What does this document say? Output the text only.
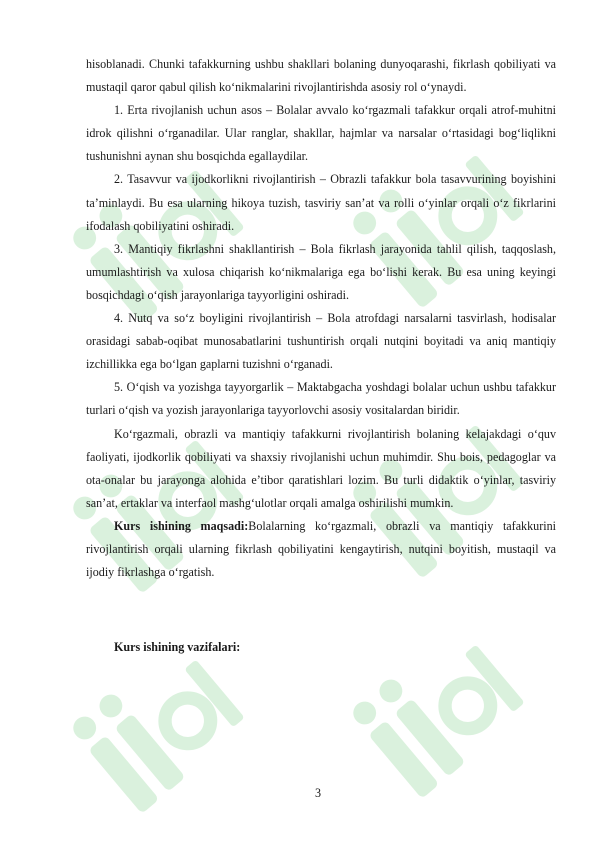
hisoblanadi. Chunki tafakkurning ushbu shakllari bolaning dunyoqarashi, fikrlash qobiliyati va mustaqil qaror qabul qilish ko‘nikmalarini rivojlantirishda asosiy rol o‘ynaydi.

1. Erta rivojlanish uchun asos – Bolalar avvalo ko‘rgazmali tafakkur orqali atrof-muhitni idrok qilishni o‘rganadilar. Ular ranglar, shakllar, hajmlar va narsalar o‘rtasidagi bog‘liqlikni tushunishni aynan shu bosqichda egallaydilar.

2. Tasavvur va ijodkorlikni rivojlantirish – Obrazli tafakkur bola tasavvurining boyishini ta’minlaydi. Bu esa ularning hikoya tuzish, tasviriy san’at va rolli o‘yinlar orqali o‘z fikrlarini ifodalash qobiliyatini oshiradi.

3. Mantiqiy fikrlashni shakllantirish – Bola fikrlash jarayonida tahlil qilish, taqqoslash, umumlashtirish va xulosa chiqarish ko‘nikmalariga ega bo‘lishi kerak. Bu esa uning keyingi bosqichdagi o‘qish jarayonlariga tayyorligini oshiradi.

4. Nutq va so‘z boyligini rivojlantirish – Bola atrofdagi narsalarni tasvirlash, hodisalar orasidagi sabab-oqibat munosabatlarini tushuntirish orqali nutqini boyitadi va aniq mantiqiy izchillikka ega bo‘lgan gaplarni tuzishni o‘rganadi.

5. O‘qish va yozishga tayyorgarlik – Maktabgacha yoshdagi bolalar uchun ushbu tafakkur turlari o‘qish va yozish jarayonlariga tayyorlovchi asosiy vositalardan biridir.

Ko‘rgazmali, obrazli va mantiqiy tafakkurni rivojlantirish bolaning kelajakdagi o‘quv faoliyati, ijodkorlik qobiliyati va shaxsiy rivojlanishi uchun muhimdir. Shu bois, pedagoglar va ota-onalar bu jarayonga alohida e’tibor qaratishlari lozim. Bu turli didaktik o‘yinlar, tasviriy san’at, ertaklar va interfaol mashg‘ulotlar orqali amalga oshirilishi mumkin.

Kurs ishining maqsadi:Bolalarning ko‘rgazmali, obrazli va mantiqiy tafakkurini rivojlantirish orqali ularning fikrlash qobiliyatini kengaytirish, nutqini boyitish, mustaqil va ijodiy fikrlashga o‘rgatish.

Kurs ishining vazifalari:

3
